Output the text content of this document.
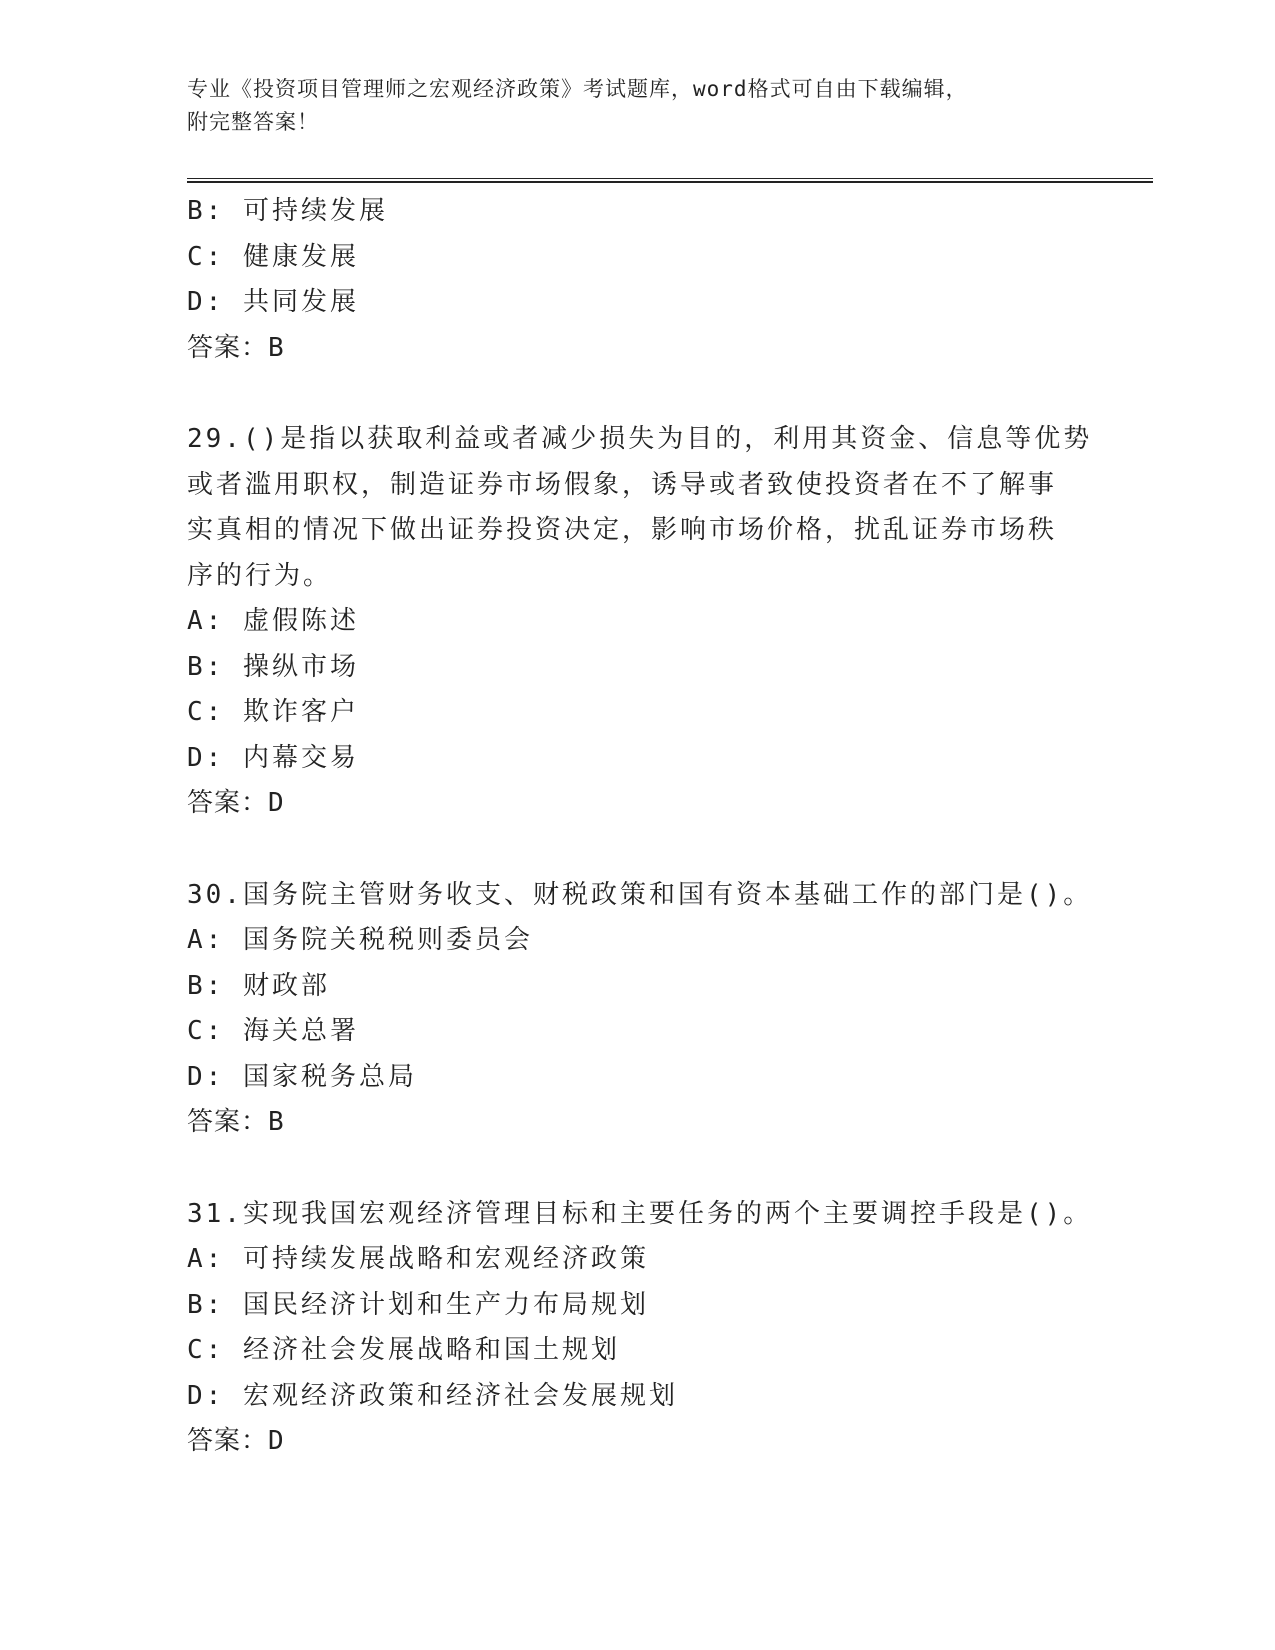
专业《投资项目管理师之宏观经济政策》考试题库，word格式可自由下载编辑，
附完整答案！
B: 可持续发展
C: 健康发展
D: 共同发展
答案：B
29.()是指以获取利益或者减少损失为目的，利用其资金、信息等优势
或者滥用职权，制造证券市场假象，诱导或者致使投资者在不了解事
实真相的情况下做出证券投资决定，影响市场价格，扰乱证券市场秩
序的行为。
A: 虚假陈述
B: 操纵市场
C: 欺诈客户
D: 内幕交易
答案：D
30.国务院主管财务收支、财税政策和国有资本基础工作的部门是()。
A: 国务院关税税则委员会
B: 财政部
C: 海关总署
D: 国家税务总局
答案：B
31.实现我国宏观经济管理目标和主要任务的两个主要调控手段是()。
A: 可持续发展战略和宏观经济政策
B: 国民经济计划和生产力布局规划
C: 经济社会发展战略和国土规划
D: 宏观经济政策和经济社会发展规划
答案：D
